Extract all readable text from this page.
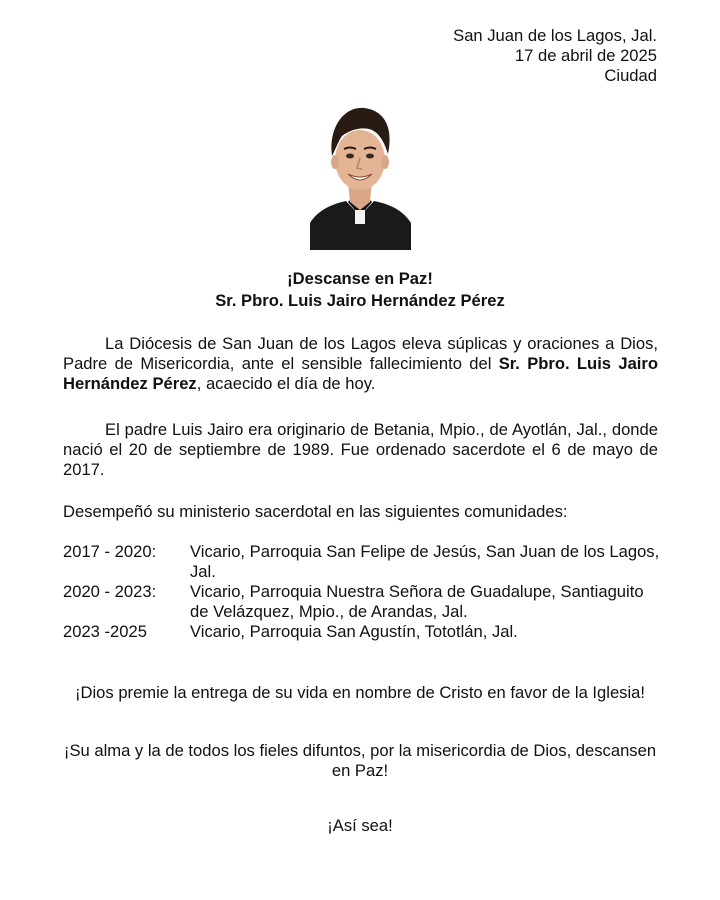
San Juan de los Lagos, Jal.
17 de abril de 2025
Ciudad
¡Descanse en Paz!
Sr. Pbro. Luis Jairo Hernández Pérez
La Diócesis de San Juan de los Lagos eleva súplicas y oraciones a Dios, Padre de Misericordia, ante el sensible fallecimiento del Sr. Pbro. Luis Jairo Hernández Pérez, acaecido el día de hoy.
El padre Luis Jairo era originario de Betania, Mpio., de Ayotlán, Jal., donde nació el 20 de septiembre de 1989. Fue ordenado sacerdote el 6 de mayo de 2017.
Desempeñó su ministerio sacerdotal en las siguientes comunidades:
2017 - 2020:	Vicario, Parroquia San Felipe de Jesús, San Juan de los Lagos, Jal.
2020 - 2023:	Vicario, Parroquia Nuestra Señora de Guadalupe, Santiaguito de Velázquez, Mpio., de Arandas, Jal.
2023 -2025	Vicario, Parroquia San Agustín, Tototlán, Jal.
¡Dios premie la entrega de su vida en nombre de Cristo en favor de la Iglesia!
¡Su alma y la de todos los fieles difuntos, por la misericordia de Dios, descansen en Paz!
¡Así sea!
